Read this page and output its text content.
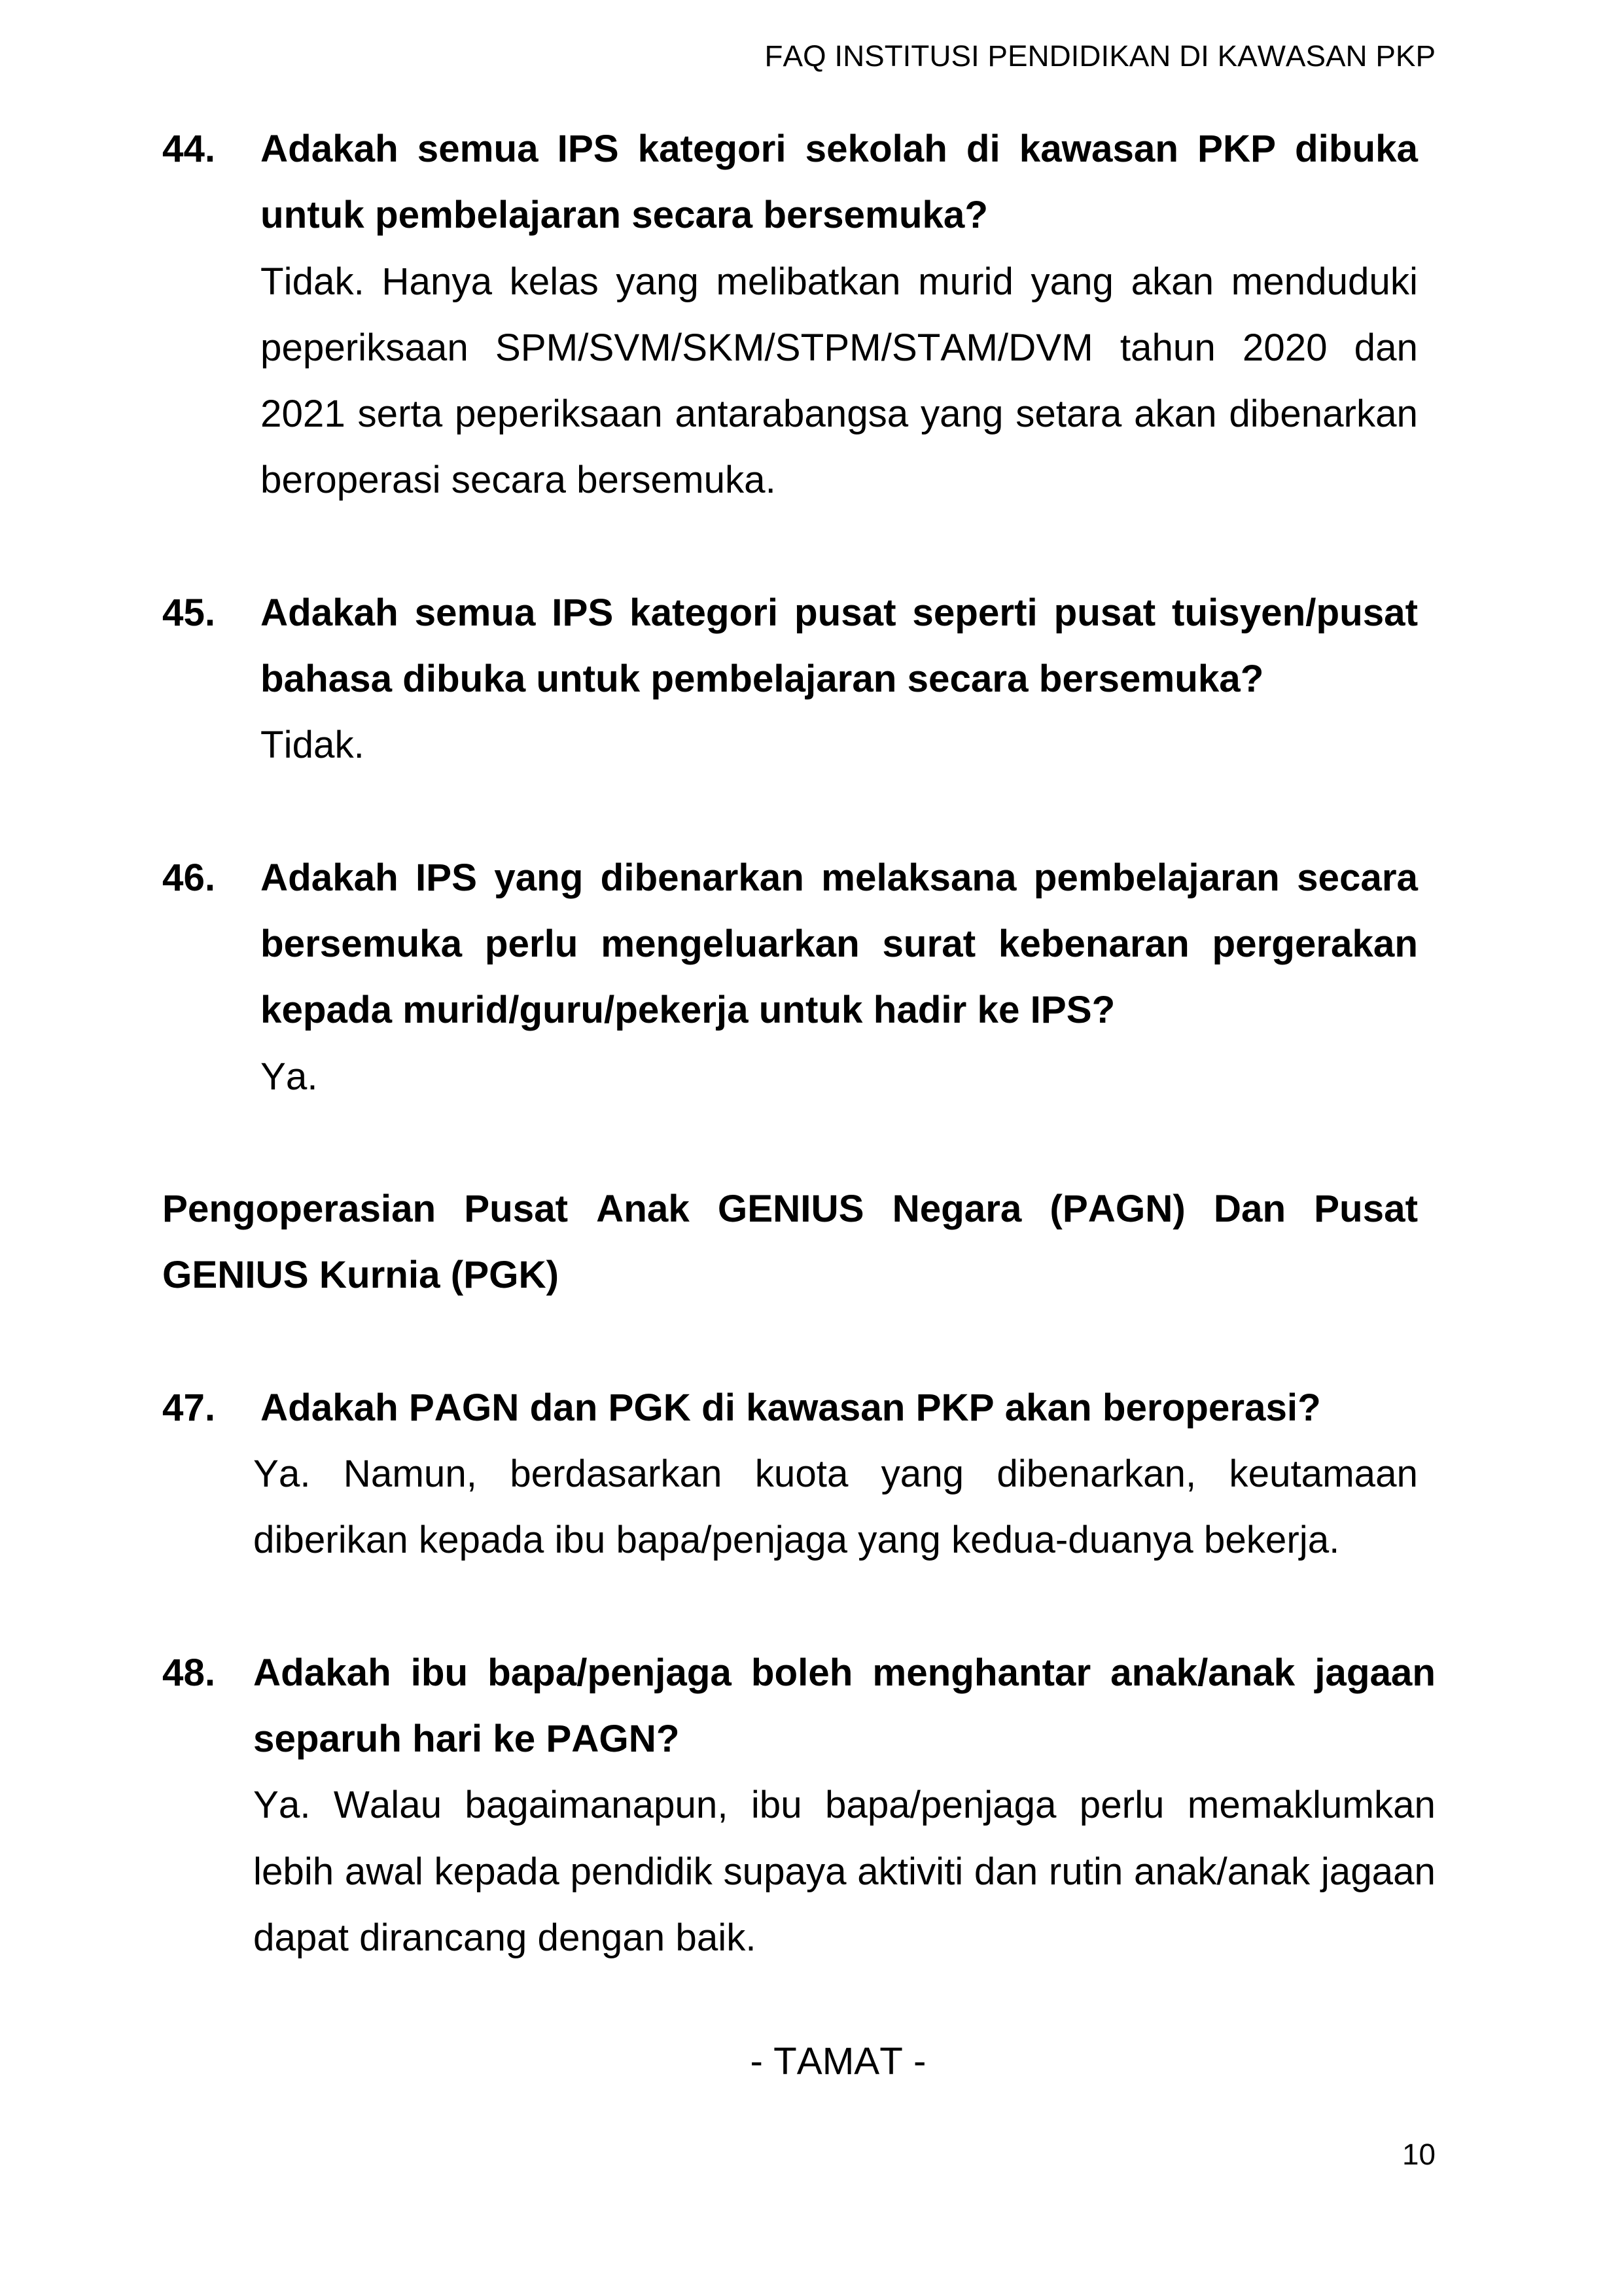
FAQ INSTITUSI PENDIDIKAN DI KAWASAN PKP
44. Adakah semua IPS kategori sekolah di kawasan PKP dibuka
untuk pembelajaran secara bersemuka?
Tidak. Hanya kelas yang melibatkan murid yang akan menduduki
peperiksaan SPM/SVM/SKM/STPM/STAM/DVM tahun 2020 dan
2021 serta peperiksaan antarabangsa yang setara akan dibenarkan
beroperasi secara bersemuka.
45. Adakah semua IPS kategori pusat seperti pusat tuisyen/pusat
bahasa dibuka untuk pembelajaran secara bersemuka?
Tidak.
46. Adakah IPS yang dibenarkan melaksana pembelajaran secara
bersemuka perlu mengeluarkan surat kebenaran pergerakan
kepada murid/guru/pekerja untuk hadir ke IPS?
Ya.
Pengoperasian Pusat Anak GENIUS Negara (PAGN) Dan Pusat
GENIUS Kurnia (PGK)
47. Adakah PAGN dan PGK di kawasan PKP akan beroperasi?
Ya. Namun, berdasarkan kuota yang dibenarkan, keutamaan
diberikan kepada ibu bapa/penjaga yang kedua-duanya bekerja.
48. Adakah ibu bapa/penjaga boleh menghantar anak/anak jagaan
separuh hari ke PAGN?
Ya. Walau bagaimanapun, ibu bapa/penjaga perlu memaklumkan
lebih awal kepada pendidik supaya aktiviti dan rutin anak/anak jagaan
dapat dirancang dengan baik.
- TAMAT -
10
